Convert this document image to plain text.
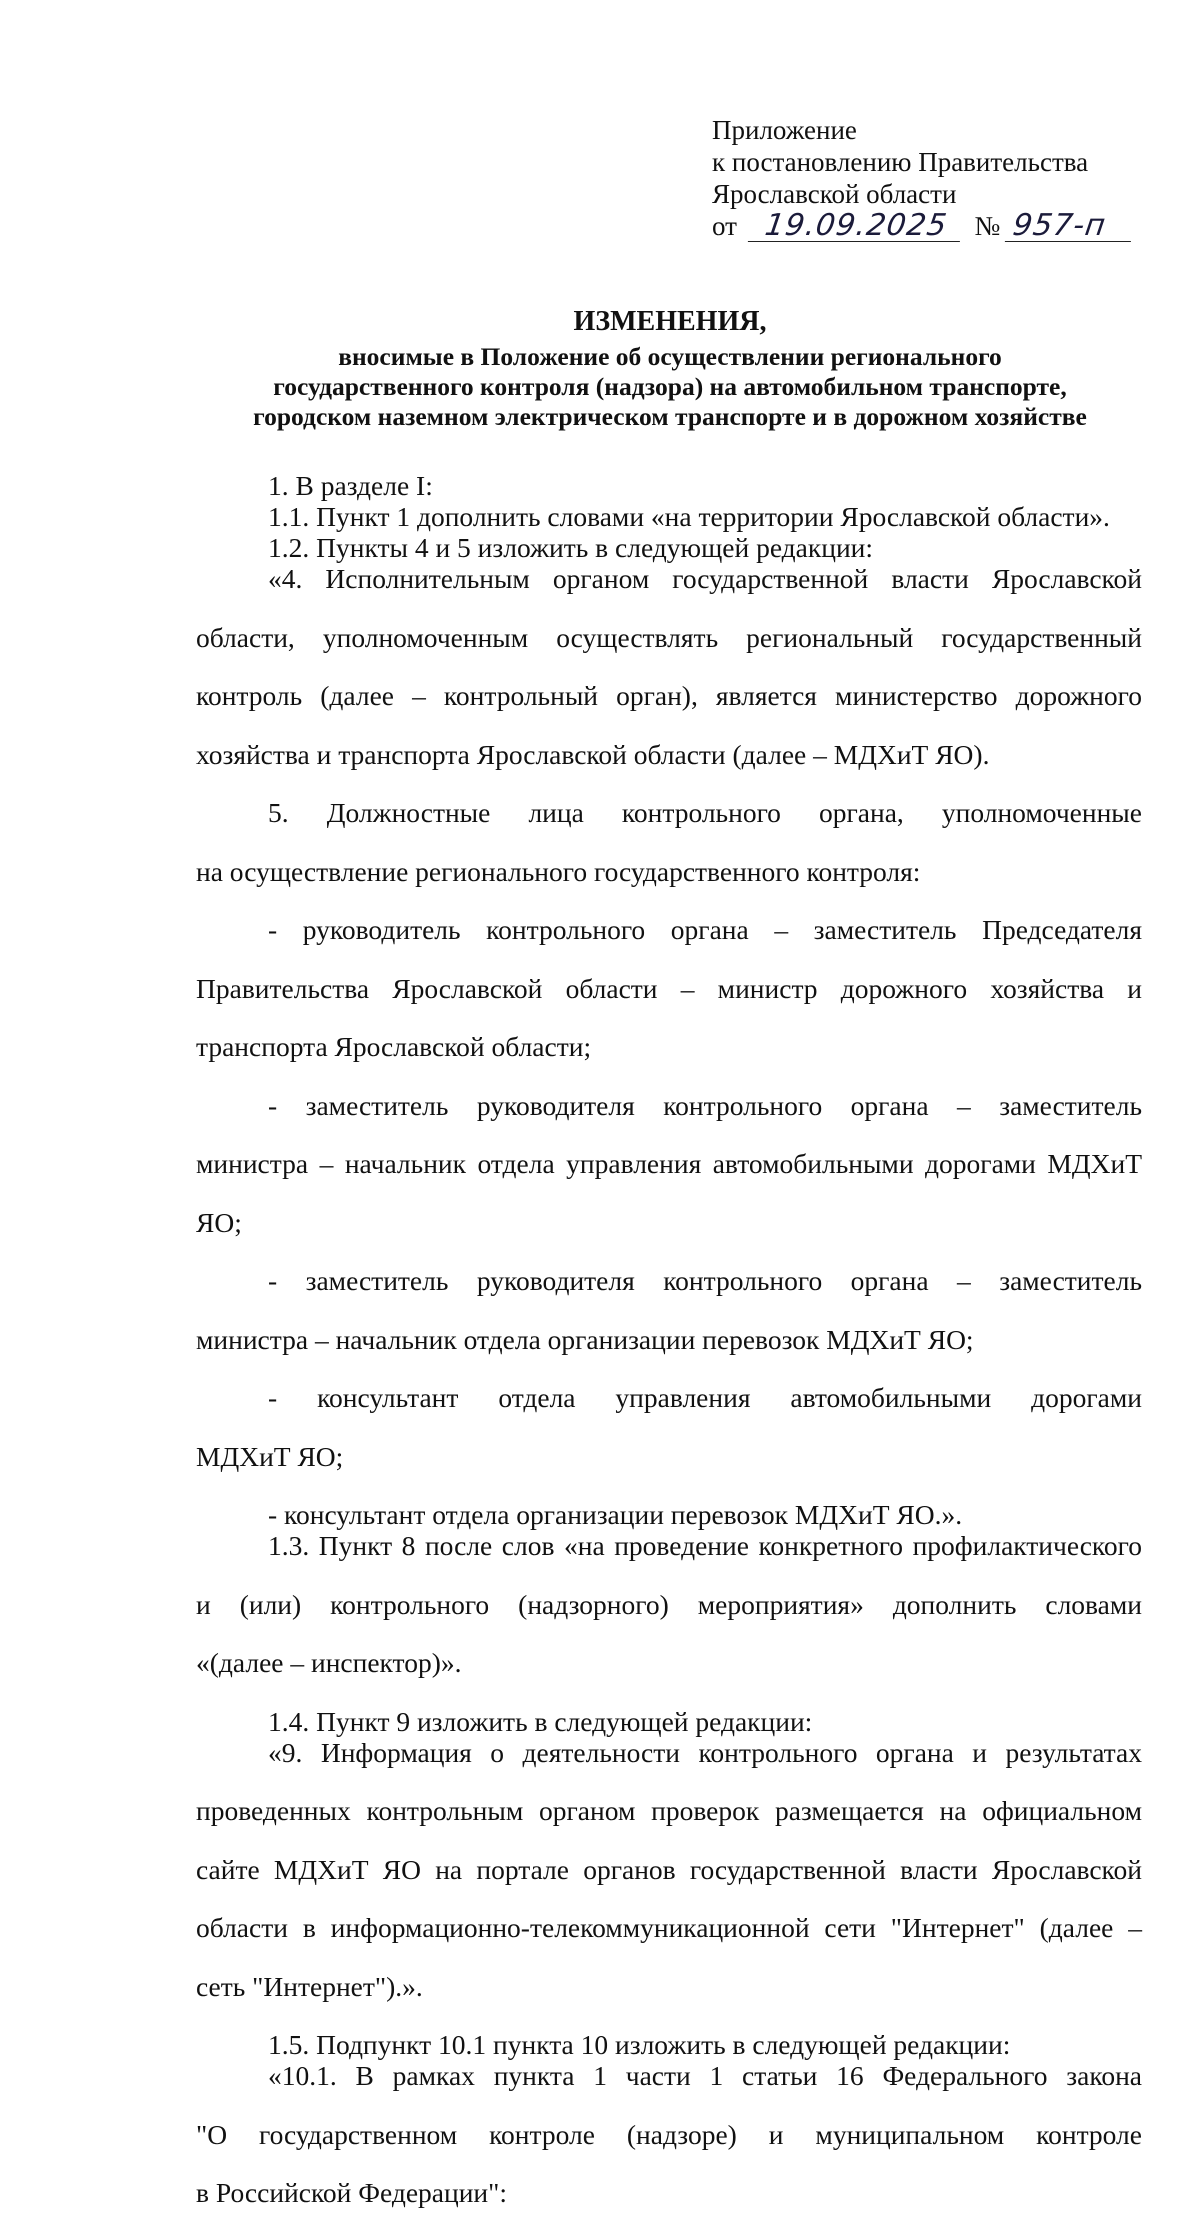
Приложение
к постановлению Правительства
Ярославской области
от 19.09.2025 № 957-п
ИЗМЕНЕНИЯ,
вносимые в Положение об осуществлении регионального
государственного контроля (надзора) на автомобильном транспорте,
городском наземном электрическом транспорте и в дорожном хозяйстве

1. В разделе I:

1.1. Пункт 1 дополнить словами «на территории Ярославской области».

1.2. Пункты 4 и 5 изложить в следующей редакции:

«4. Исполнительным органом государственной власти Ярославской

области, уполномоченным осуществлять региональный государственный

контроль (далее – контрольный орган), является министерство дорожного

хозяйства и транспорта Ярославской области (далее – МДХиТ ЯО).

5. Должностные лица контрольного органа, уполномоченные

на осуществление регионального государственного контроля:

- руководитель контрольного органа – заместитель Председателя

Правительства Ярославской области – министр дорожного хозяйства и

транспорта Ярославской области;

- заместитель руководителя контрольного органа – заместитель

министра – начальник отдела управления автомобильными дорогами МДХиТ

ЯО;

- заместитель руководителя контрольного органа – заместитель

министра – начальник отдела организации перевозок МДХиТ ЯО;

- консультант отдела управления автомобильными дорогами

МДХиТ ЯО;

- консультант отдела организации перевозок МДХиТ ЯО.».

1.3. Пункт 8 после слов «на проведение конкретного профилактического

и (или) контрольного (надзорного) мероприятия» дополнить словами

«(далее – инспектор)».

1.4. Пункт 9 изложить в следующей редакции:

«9. Информация о деятельности контрольного органа и результатах

проведенных контрольным органом проверок размещается на официальном

сайте МДХиТ ЯО на портале органов государственной власти Ярославской

области в информационно-телекоммуникационной сети "Интернет" (далее –

сеть "Интернет").».

1.5. Подпункт 10.1 пункта 10 изложить в следующей редакции:

«10.1. В рамках пункта 1 части 1 статьи 16 Федерального закона

"О государственном контроле (надзоре) и муниципальном контроле

в Российской Федерации":
